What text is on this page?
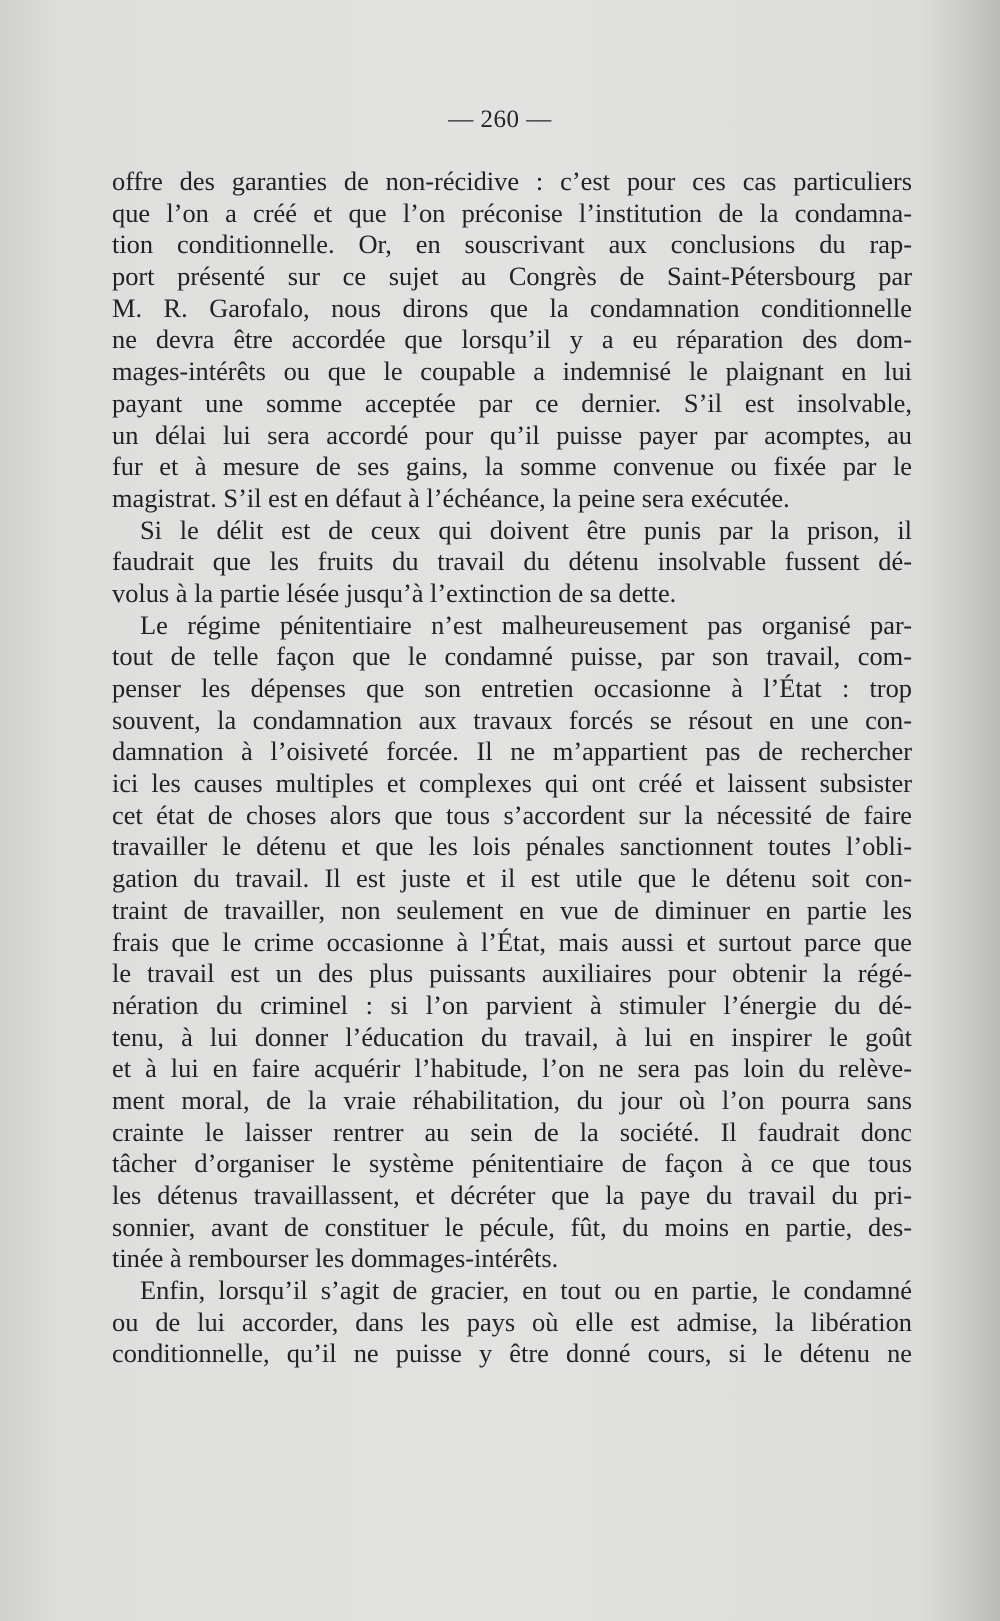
— 260 —
offre des garanties de non-récidive : c’est pour ces cas particuliers
que l’on a créé et que l’on préconise l’institution de la condamna-
tion conditionnelle. Or, en souscrivant aux conclusions du rap-
port présenté sur ce sujet au Congrès de Saint-Pétersbourg par
M. R. Garofalo, nous dirons que la condamnation conditionnelle
ne devra être accordée que lorsqu’il y a eu réparation des dom-
mages-intérêts ou que le coupable a indemnisé le plaignant en lui
payant une somme acceptée par ce dernier. S’il est insolvable,
un délai lui sera accordé pour qu’il puisse payer par acomptes, au
fur et à mesure de ses gains, la somme convenue ou fixée par le
magistrat. S’il est en défaut à l’échéance, la peine sera exécutée.
Si le délit est de ceux qui doivent être punis par la prison, il
faudrait que les fruits du travail du détenu insolvable fussent dé-
volus à la partie lésée jusqu’à l’extinction de sa dette.
Le régime pénitentiaire n’est malheureusement pas organisé par-
tout de telle façon que le condamné puisse, par son travail, com-
penser les dépenses que son entretien occasionne à l’État : trop
souvent, la condamnation aux travaux forcés se résout en une con-
damnation à l’oisiveté forcée. Il ne m’appartient pas de rechercher
ici les causes multiples et complexes qui ont créé et laissent subsister
cet état de choses alors que tous s’accordent sur la nécessité de faire
travailler le détenu et que les lois pénales sanctionnent toutes l’obli-
gation du travail. Il est juste et il est utile que le détenu soit con-
traint de travailler, non seulement en vue de diminuer en partie les
frais que le crime occasionne à l’État, mais aussi et surtout parce que
le travail est un des plus puissants auxiliaires pour obtenir la régé-
nération du criminel : si l’on parvient à stimuler l’énergie du dé-
tenu, à lui donner l’éducation du travail, à lui en inspirer le goût
et à lui en faire acquérir l’habitude, l’on ne sera pas loin du relève-
ment moral, de la vraie réhabilitation, du jour où l’on pourra sans
crainte le laisser rentrer au sein de la société. Il faudrait donc
tâcher d’organiser le système pénitentiaire de façon à ce que tous
les détenus travaillassent, et décréter que la paye du travail du pri-
sonnier, avant de constituer le pécule, fût, du moins en partie, des-
tinée à rembourser les dommages-intérêts.
Enfin, lorsqu’il s’agit de gracier, en tout ou en partie, le condamné
ou de lui accorder, dans les pays où elle est admise, la libération
conditionnelle, qu’il ne puisse y être donné cours, si le détenu ne
